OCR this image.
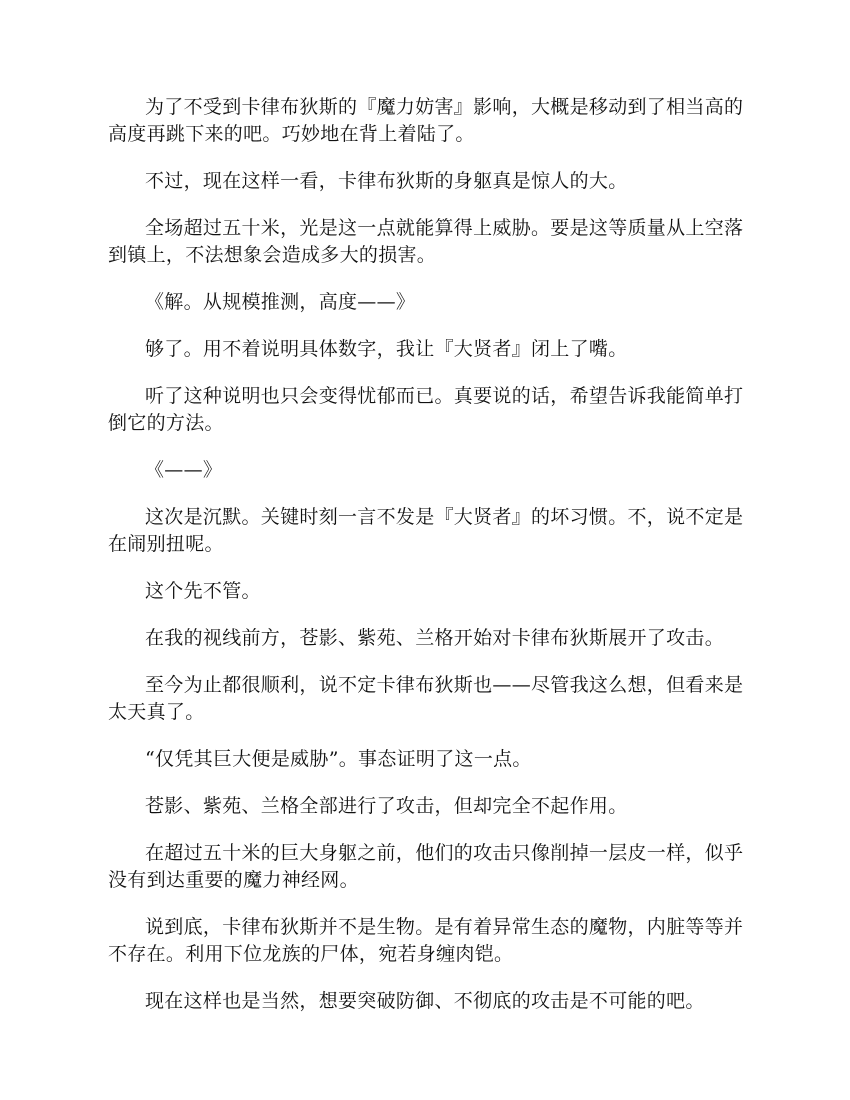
为了不受到卡律布狄斯的『魔力妨害』影响，大概是移动到了相当高的高度再跳下来的吧。巧妙地在背上着陆了。

不过，现在这样一看，卡律布狄斯的身躯真是惊人的大。

全场超过五十米，光是这一点就能算得上威胁。要是这等质量从上空落到镇上，不法想象会造成多大的损害。

《解。从规模推测，高度——》

够了。用不着说明具体数字，我让『大贤者』闭上了嘴。

听了这种说明也只会变得忧郁而已。真要说的话，希望告诉我能简单打倒它的方法。

《——》

这次是沉默。关键时刻一言不发是『大贤者』的坏习惯。不，说不定是在闹别扭呢。

这个先不管。

在我的视线前方，苍影、紫苑、兰格开始对卡律布狄斯展开了攻击。

至今为止都很顺利，说不定卡律布狄斯也——尽管我这么想，但看来是太天真了。

“仅凭其巨大便是威胁”。事态证明了这一点。

苍影、紫苑、兰格全部进行了攻击，但却完全不起作用。

在超过五十米的巨大身躯之前，他们的攻击只像削掉一层皮一样，似乎没有到达重要的魔力神经网。

说到底，卡律布狄斯并不是生物。是有着异常生态的魔物，内脏等等并不存在。利用下位龙族的尸体，宛若身缠肉铠。

现在这样也是当然，想要突破防御、不彻底的攻击是不可能的吧。
